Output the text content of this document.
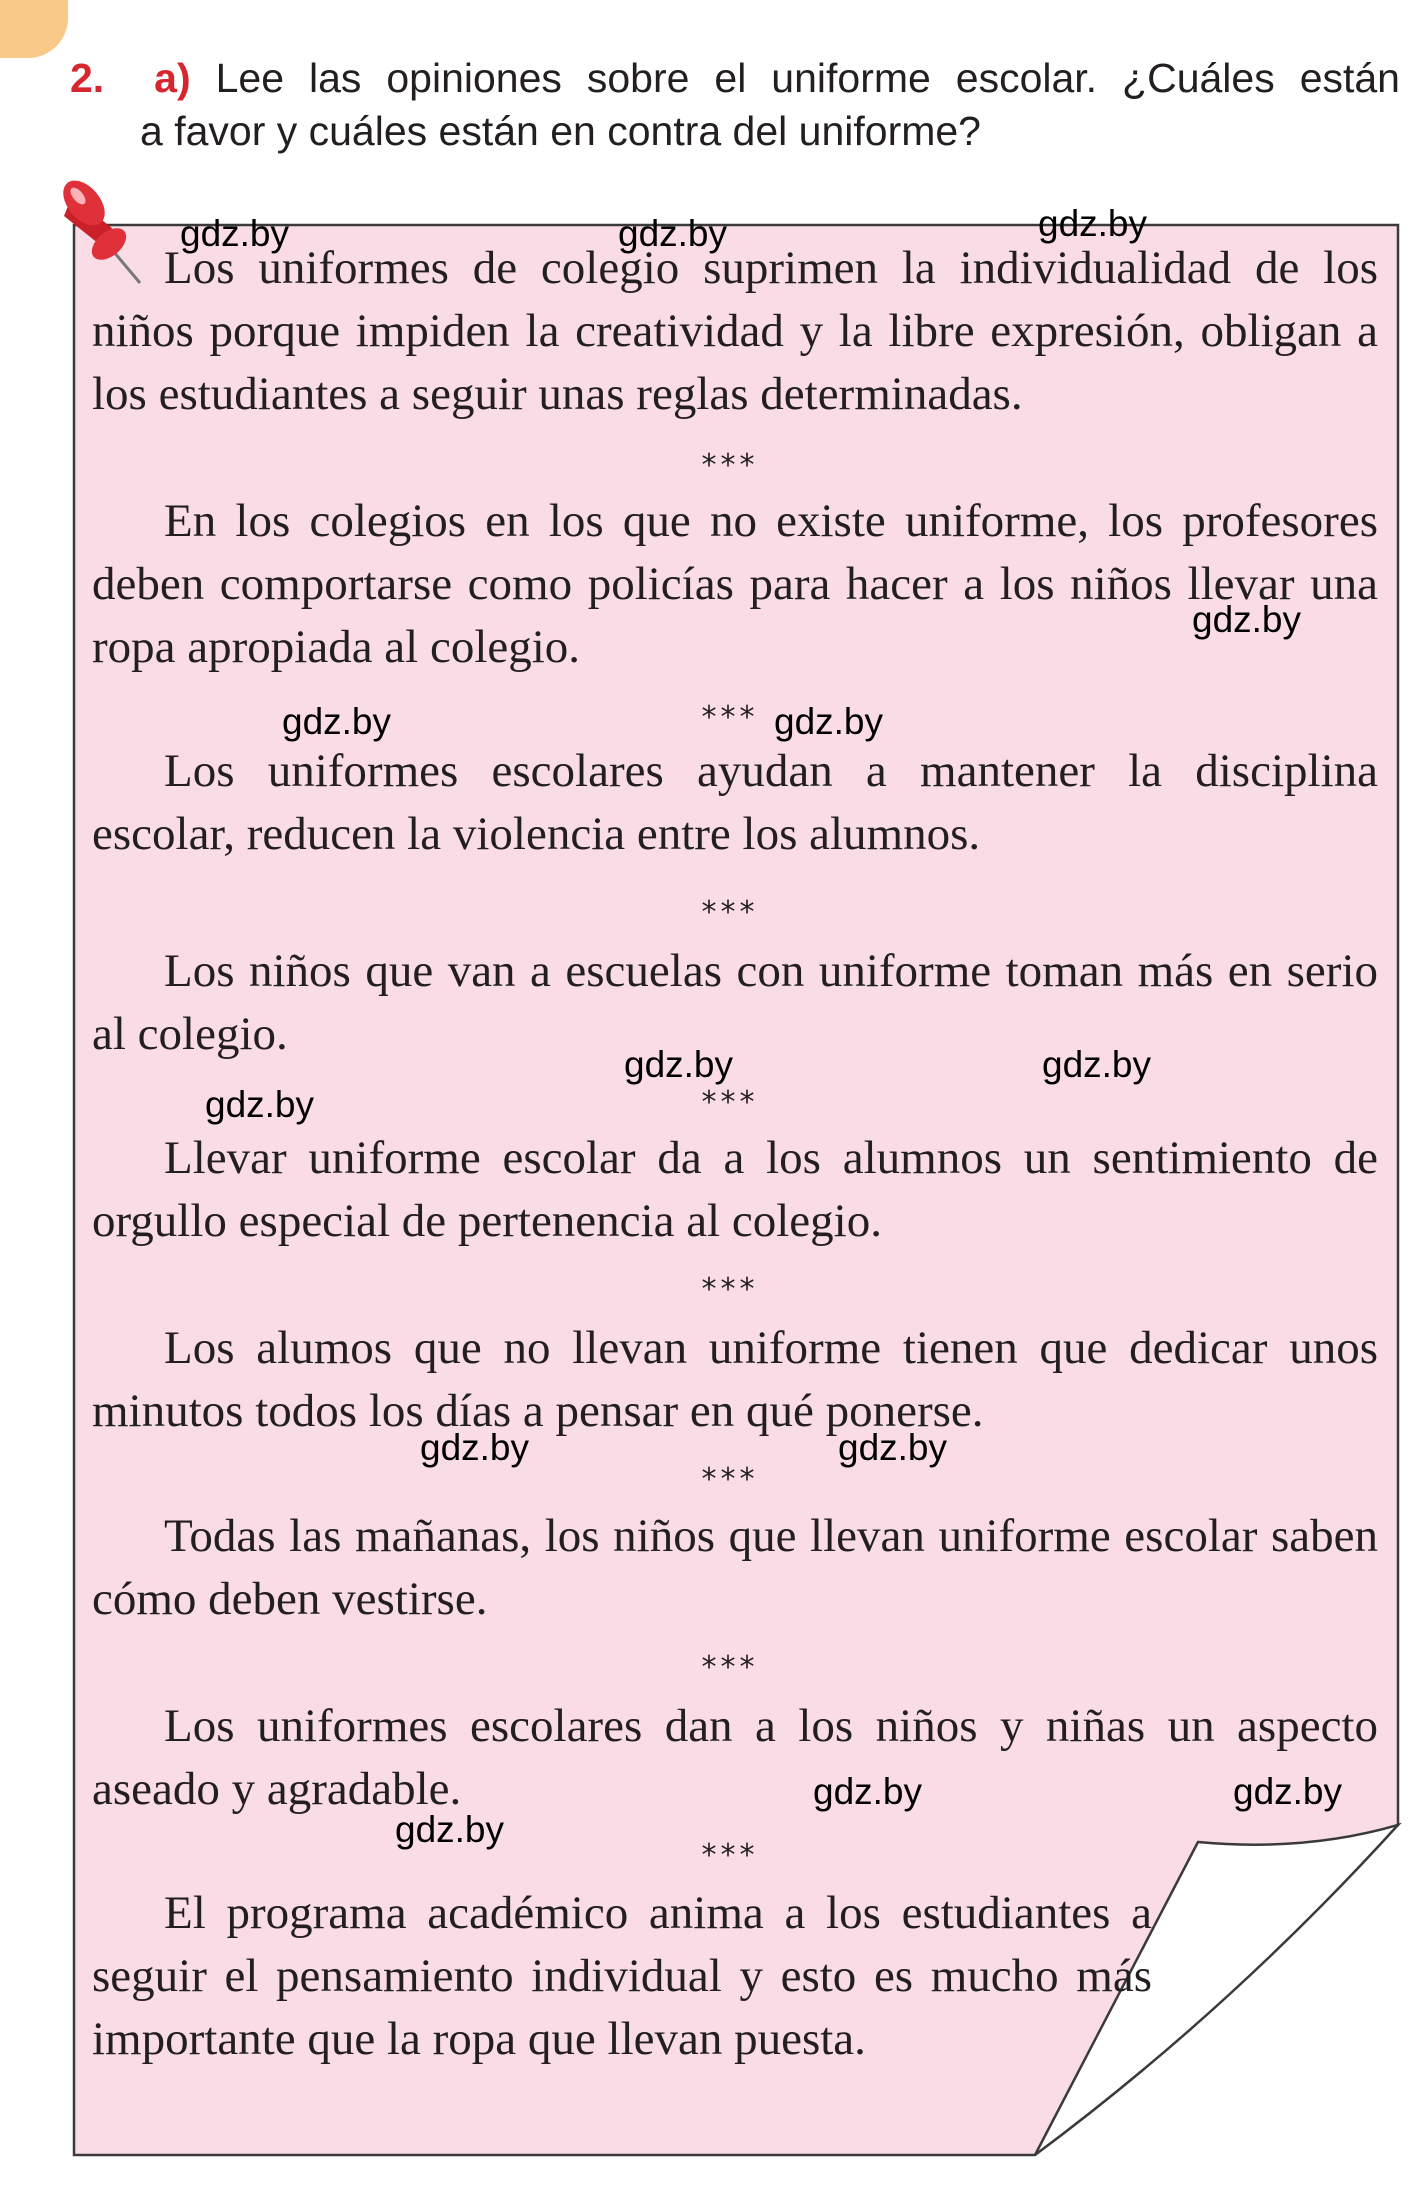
2. a) Lee las opiniones sobre el uniforme escolar. ¿Cuáles están
a favor y cuáles están en contra del uniforme?

Los uniformes de colegio suprimen la individualidad de los niños porque impiden la creatividad y la libre expresión, obligan a los estudiantes a seguir unas reglas determinadas.

***

En los colegios en los que no existe uniforme, los profesores deben comportarse como policías para hacer a los niños llevar una ropa apropiada al colegio.

***

Los uniformes escolares ayudan a mantener la disciplina escolar, reducen la violencia entre los alumnos.

***

Los niños que van a escuelas con uniforme toman más en serio al colegio.

***

Llevar uniforme escolar da a los alumnos un sentimiento de orgullo especial de pertenencia al colegio.

***

Los alumos que no llevan uniforme tienen que dedicar unos minutos todos los días a pensar en qué ponerse.

***

Todas las mañanas, los niños que llevan uniforme escolar saben cómo deben vestirse.

***

Los uniformes escolares dan a los niños y niñas un aspecto aseado y agradable.

***

El programa académico anima a los estudiantes a seguir el pensamiento individual y esto es mucho más importante que la ropa que llevan puesta.

gdz.by	gdz.by	gdz.by
gdz.by
gdz.by	gdz.by
gdz.by	gdz.by
gdz.by
gdz.by	gdz.by
gdz.by	gdz.by
gdz.by
